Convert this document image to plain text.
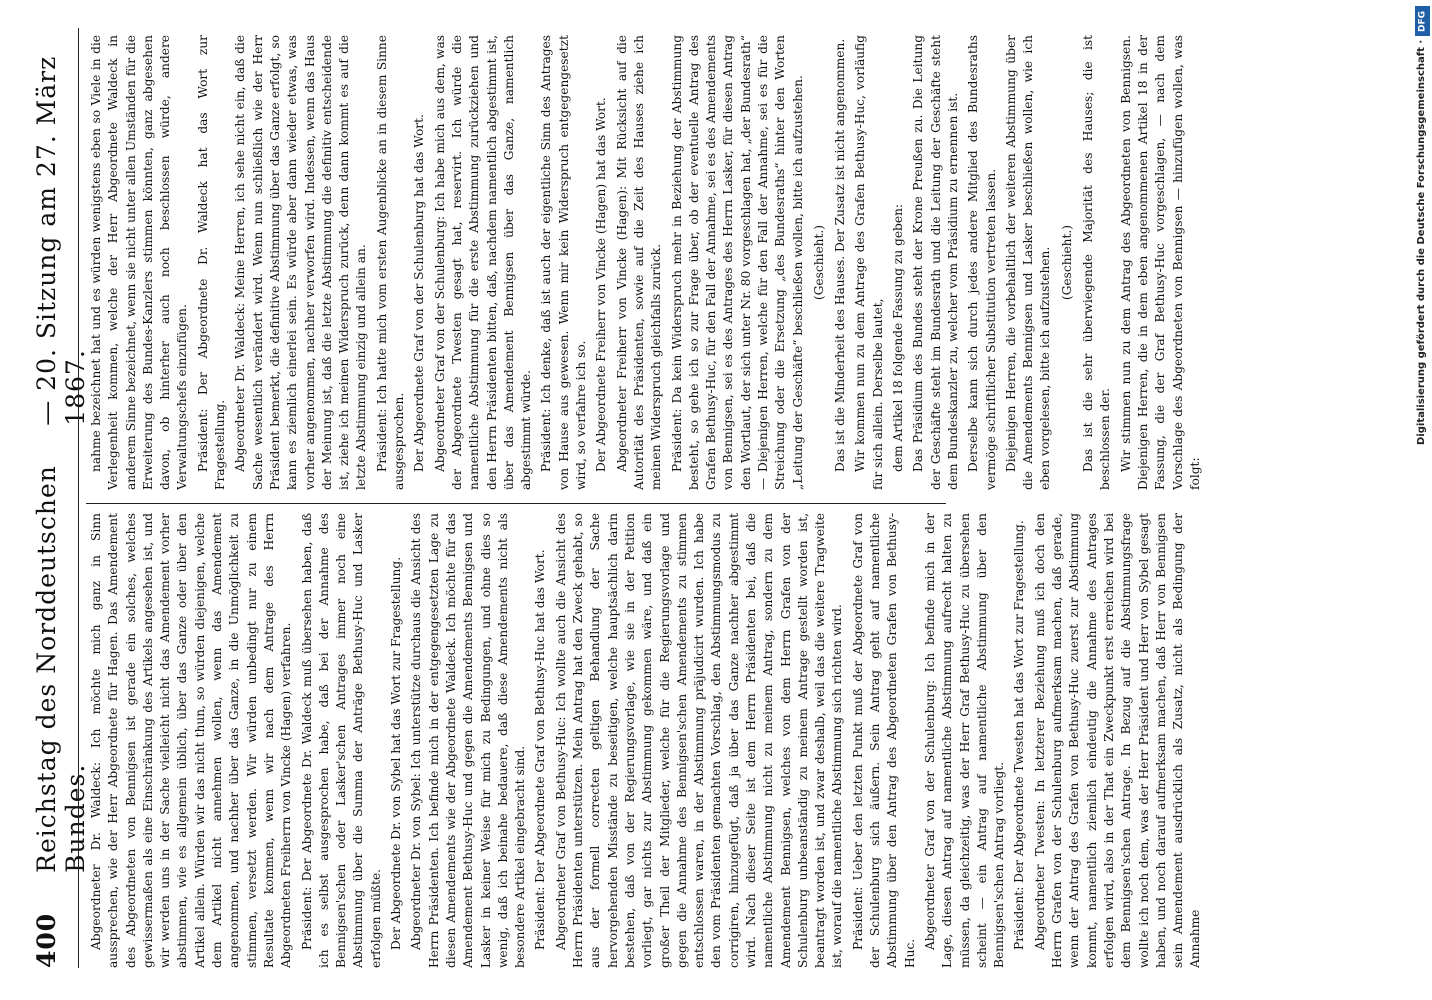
400
Reichstag des Norddeutschen Bundes.
— 20. Sitzung am 27. März 1867.

Abgeordneter Dr. Waldeck: Ich möchte mich ganz in Sinn aussprechen, wie der Herr Abgeordnete für Hagen. Das Amendement des Abgeordneten von Bennigsen ist gerade ein solches, welches gewissermaßen als eine Einschränkung des Artikels angesehen ist, und wir werden uns in der Sache vielleicht nicht das Amendement vorher abstimmen, wie es allgemein üblich, über das Ganze oder über den Artikel allein. Würden wir das nicht thun, so würden diejenigen, welche dem Artikel nicht annehmen wollen, wenn das Amendement angenommen, und nachher über das Ganze, in die Unmöglichkeit zu stimmen, versetzt werden. Wir würden unbedingt nur zu einem Resultate kommen, wenn wir nach dem Antrage des Herrn Abgeordneten Freiherrn von Vincke (Hagen) verfahren. Präsident: Der Abgeordnete Dr. Waldeck muß übersehen haben, daß ich es selbst ausgesprochen habe, daß bei der Annahme des Bennigsen'schen oder Lasker'schen Antrages immer noch eine Abstimmung über die Summa der Anträge Bethusy-Huc und Lasker erfolgen müßte. Der Abgeordnete Dr. von Sybel hat das Wort zur Fragestellung. Abgeordneter Dr. von Sybel: Ich unterstütze durchaus die Ansicht des Herrn Präsidenten. Ich befinde mich in der entgegengesetzten Lage zu diesen Amendements wie der Abgeordnete Waldeck. Ich möchte für das Amendement Bethusy-Huc und gegen die Amendements Bennigsen und Lasker in keiner Weise für mich zu Bedingungen, und ohne dies so wenig, daß ich beinahe bedauere, daß diese Amendements nicht als besondere Artikel eingebracht sind. Präsident: Der Abgeordnete Graf von Bethusy-Huc hat das Wort. Abgeordneter Graf von Bethusy-Huc: Ich wollte auch die Ansicht des Herrn Präsidenten unterstützen. Mein Antrag hat den Zweck gehabt, so aus der formell correcten geltigen Behandlung der Sache hervorgehenden Misstände zu beseitigen, welche hauptsächlich darin bestehen, daß von der Regierungsvorlage, wie sie in der Petition vorliegt, gar nichts zur Abstimmung gekommen wäre, und daß ein großer Theil der Mitglieder, welche für die Regierungsvorlage und gegen die Annahme des Bennigsen'schen Amendements zu stimmen entschlossen waren, in der Abstimmung präjudicirt wurden. Ich habe den vom Präsidenten gemachten Vorschlag, den Abstimmungsmodus zu corrigiren, hinzugefügt, daß ja über das Ganze nachher abgestimmt wird. Nach dieser Seite ist dem Herrn Präsidenten bei, daß die namentliche Abstimmung nicht zu meinem Antrag, sondern zu dem Amendement Bennigsen, welches von dem Herrn Grafen von der Schulenburg unbeanständig zu meinem Antrage gestellt worden ist, beantragt worden ist, und zwar deshalb, weil das die weitere Tragweite ist, worauf die namentliche Abstimmung sich richten wird. Präsident: Ueber den letzten Punkt muß der Abgeordnete Graf von der Schulenburg sich äußern. Sein Antrag geht auf namentliche Abstimmung über den Antrag des Abgeordneten Grafen von Bethusy-Huc.

Abgeordneter Graf von der Schulenburg: Ich befinde mich in der Lage, diesen Antrag auf namentliche Abstimmung aufrecht halten zu müssen, da gleichzeitig, was der Herr Graf Bethusy-Huc zu übersehen scheint — ein Antrag auf namentliche Abstimmung über den Bennigsen'schen Antrag vorliegt. Präsident: Der Abgeordnete Twesten hat das Wort zur Fragestellung. Abgeordneter Twesten: In letzterer Beziehung muß ich doch den Herrn Grafen von der Schulenburg aufmerksam machen, daß gerade, wenn der Antrag des Grafen von Bethusy-Huc zuerst zur Abstimmung kommt, namentlich ziemlich eindeutig die Annahme des Antrages erfolgen wird, also in der That ein Zweckpunkt erst erreichen wird bei dem Bennigsen'schen Antrage. In Bezug auf die Abstimmungsfrage wollte ich noch dem, was der Herr Präsident und Herr von Sybel gesagt haben, und noch darauf aufmerksam machen, daß Herr von Bennigsen sein Amendement ausdrücklich als Zusatz, nicht als Bedingung der Annahme

nahme bezeichnet hat und es würden wenigstens eben so Viele in die Verlegenheit kommen, welche der Herr Abgeordnete Waldeck in anderem Sinne bezeichnet, wenn sie nicht unter allen Umständen für die Erweiterung des Bundes-Kanzlers stimmen könnten, ganz abgesehen davon, ob hinterher auch noch beschlossen würde, andere Verwaltungschefs einzufügen. Präsident: Der Abgeordnete Dr. Waldeck hat das Wort zur Fragestellung. Abgeordneter Dr. Waldeck: Meine Herren, ich sehe nicht ein, daß die Sache wesentlich verändert wird. Wenn nun schließlich wie der Herr Präsident bemerkt, die definitive Abstimmung über das Ganze erfolgt, so kann es ziemlich einerlei sein. Es würde aber dann wieder etwas, was vorher angenommen, nachher verworfen wird. Indessen, wenn das Haus der Meinung ist, daß die letzte Abstimmung die definitiv entscheidende ist, ziehe ich meinen Widerspruch zurück, denn dann kommt es auf die letzte Abstimmung einzig und allein an. Präsident: Ich hatte mich vom ersten Augenblicke an in diesem Sinne ausgesprochen. Der Abgeordnete Graf von der Schulenburg hat das Wort. Abgeordneter Graf von der Schulenburg: Ich habe mich aus dem, was der Abgeordnete Twesten gesagt hat, reservirt. Ich würde die namentliche Abstimmung für die erste Abstimmung zurückziehen und den Herrn Präsidenten bitten, daß, nachdem namentlich abgestimmt ist, über das Amendement Bennigsen über das Ganze, namentlich abgestimmt würde. Präsident: Ich denke, daß ist auch der eigentliche Sinn des Antrages von Hause aus gewesen. Wenn mir kein Widerspruch entgegengesetzt wird, so verfahre ich so. Der Abgeordnete Freiherr von Vincke (Hagen) hat das Wort. Abgeordneter Freiherr von Vincke (Hagen): Mit Rücksicht auf die Autorität des Präsidenten, sowie auf die Zeit des Hauses ziehe ich meinen Widerspruch gleichfalls zurück. Präsident: Da kein Widerspruch mehr in Beziehung der Abstimmung besteht, so gehe ich so zur Frage über, ob der eventuelle Antrag des Grafen Bethusy-Huc, für den Fall der Annahme, sei es des Amendements von Bennigsen, sei es des Antrages des Herrn Lasker, für diesen Antrag den Wortlaut, der sich unter Nr. 80 vorgeschlagen hat, „der Bundesrath“ — Diejenigen Herren, welche für den Fall der Annahme, sei es für die Streichung oder die Ersetzung „des Bundesraths“ hinter den Worten „Leitung der Geschäfte“ beschließen wollen, bitte ich aufzustehen. (Geschieht.) Das ist die Minderheit des Hauses. Der Zusatz ist nicht angenommen. Wir kommen nun zu dem Antrage des Grafen Bethusy-Huc, vorläufig für sich allein. Derselbe lautet, dem Artikel 18 folgende Fassung zu geben: Das Präsidium des Bundes steht der Krone Preußen zu. Die Leitung der Geschäfte steht im Bundesrath und die Leitung der Geschäfte steht dem Bundeskanzler zu, welcher vom Präsidium zu ernennen ist. Derselbe kann sich durch jedes andere Mitglied des Bundesraths vermöge schriftlicher Substitution vertreten lassen. Diejenigen Herren, die vorbehaltlich der weiteren Abstimmung über die Amendements Bennigsen und Lasker beschließen wollen, wie ich eben vorgelesen, bitte ich aufzustehen. (Geschieht.) Das ist die sehr überwiegende Majorität des Hauses; die ist beschlossen der. Wir stimmen nun zu dem Antrag des Abgeordneten von Bennigsen. Diejenigen Herren, die in dem eben angenommenen Artikel 18 in der Fassung, die der Graf Bethusy-Huc vorgeschlagen, — nach dem Vorschlage des Abgeordneten von Bennigsen — hinzufügen wollen, was folgt:

DFG
Digitalisierung gefördert durch die Deutsche Forschungsgemeinschaft ·
